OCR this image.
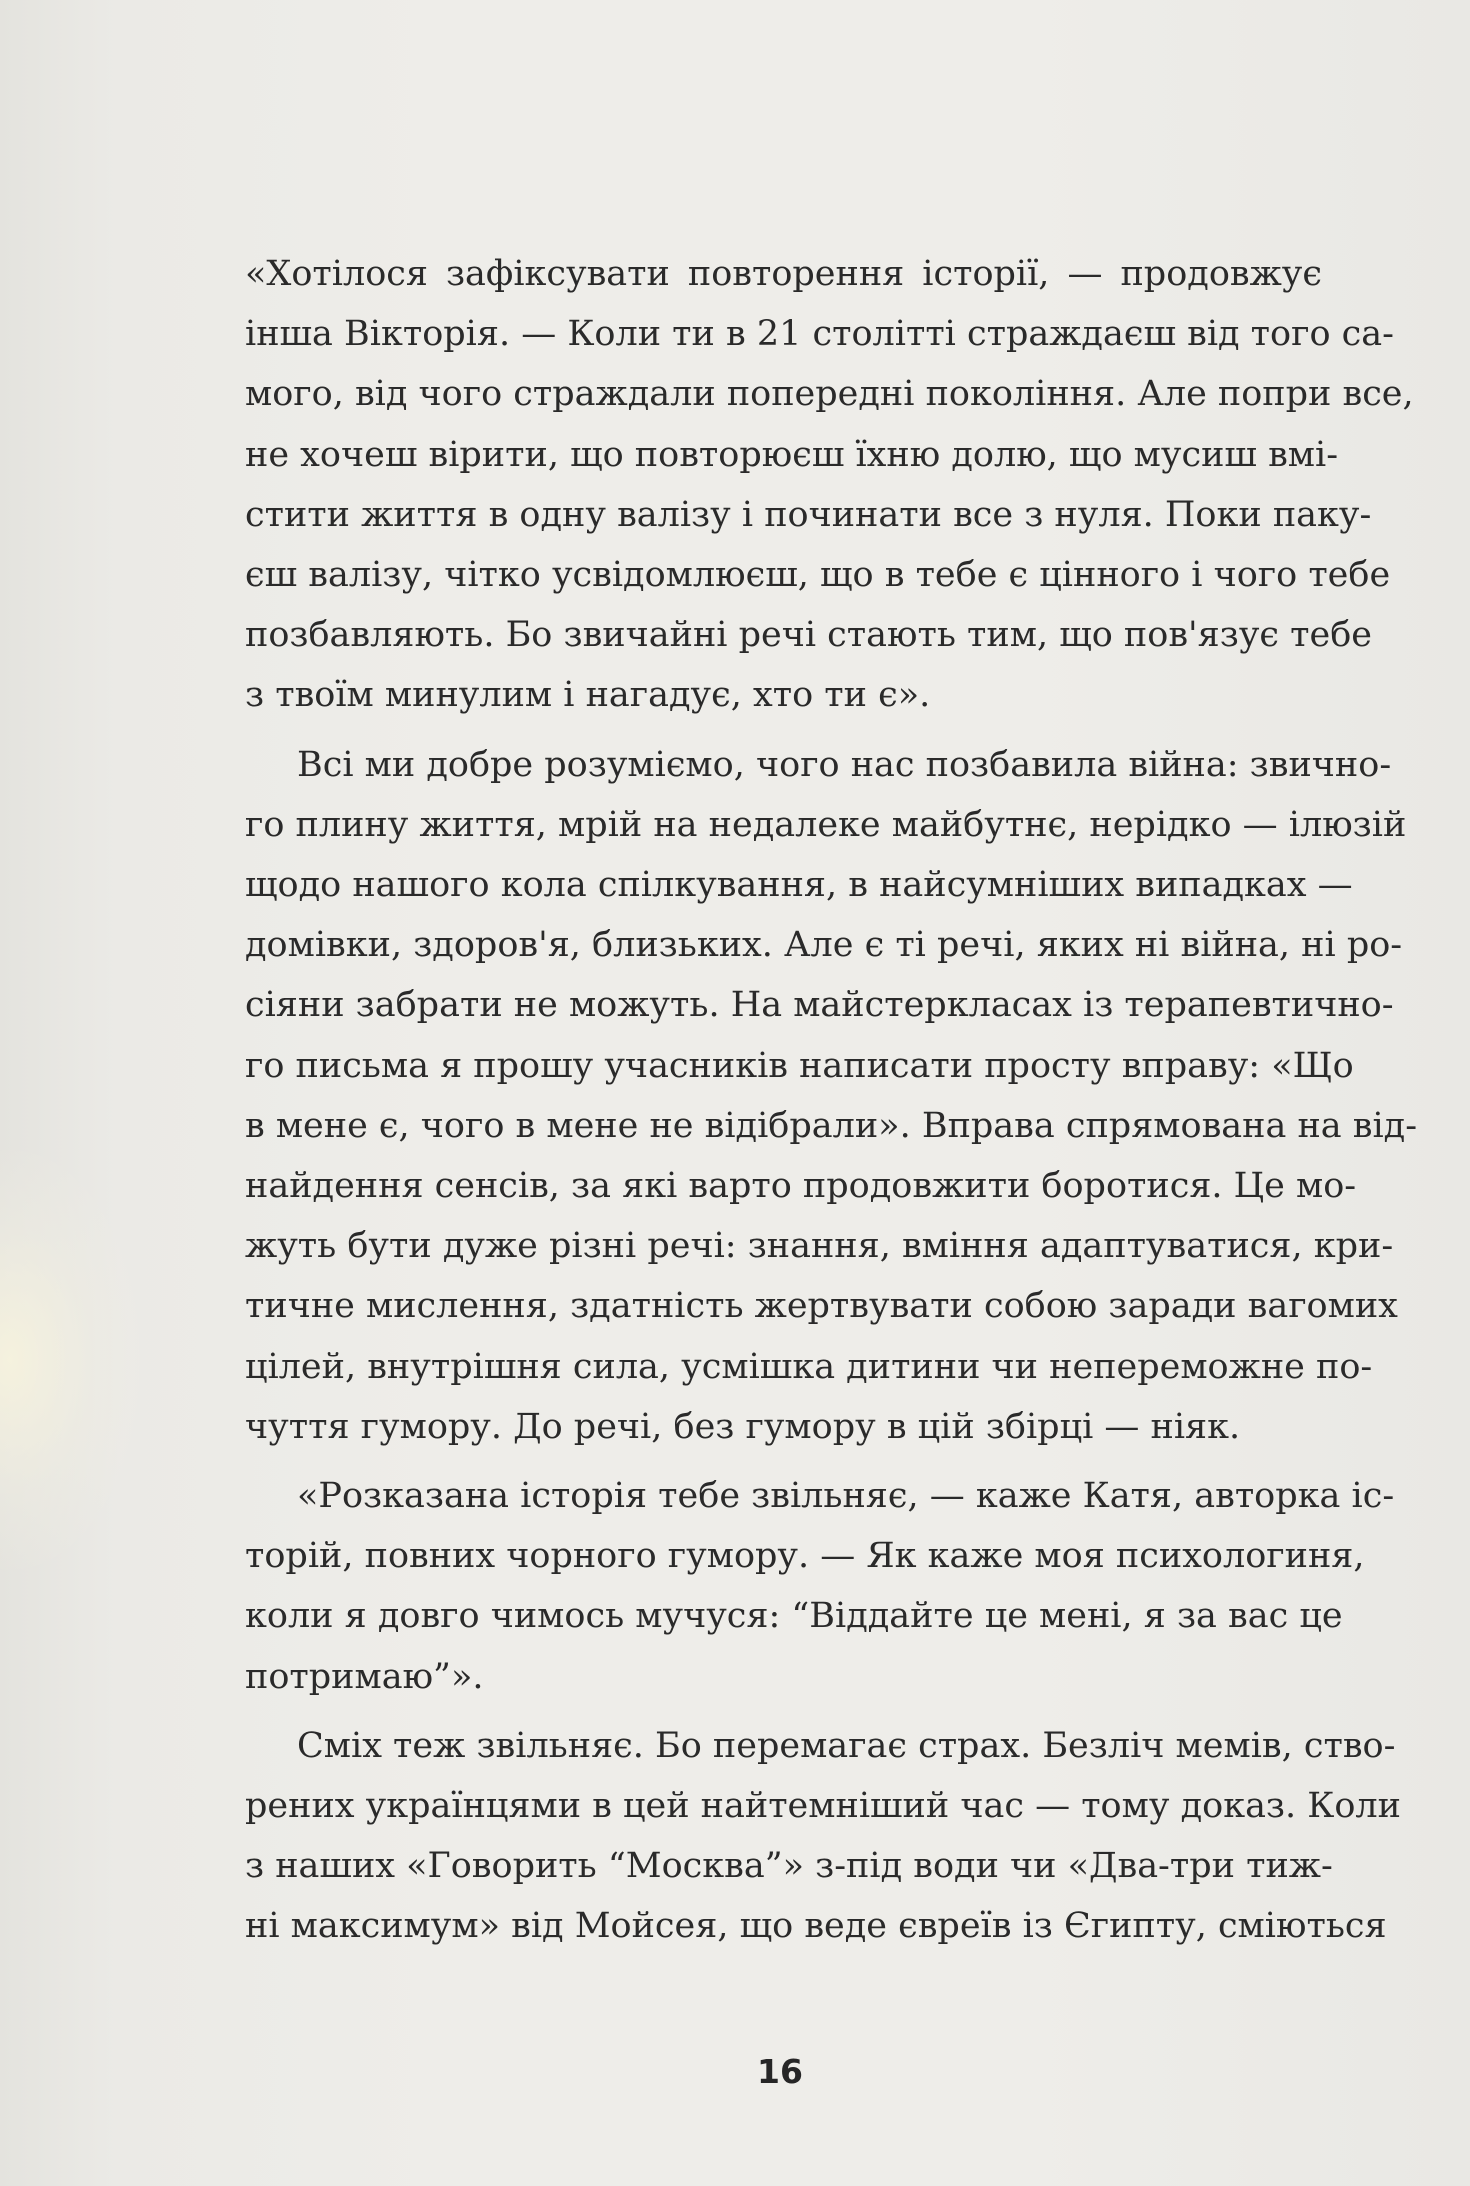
«Хотілося зафіксувати повторення історії, — продовжує
інша Вікторія. — Коли ти в 21 столітті страждаєш від того са-
мого, від чого страждали попередні покоління. Але попри все,
не хочеш вірити, що повторюєш їхню долю, що мусиш вмі-
стити життя в одну валізу і починати все з нуля. Поки паку-
єш валізу, чітко усвідомлюєш, що в тебе є цінного і чого тебе
позбавляють. Бо звичайні речі стають тим, що пов'язує тебе
з твоїм минулим і нагадує, хто ти є».
Всі ми добре розуміємо, чого нас позбавила війна: звично-
го плину життя, мрій на недалеке майбутнє, нерідко — ілюзій
щодо нашого кола спілкування, в найсумніших випадках —
домівки, здоров'я, близьких. Але є ті речі, яких ні війна, ні ро-
сіяни забрати не можуть. На майстеркласах із терапевтично-
го письма я прошу учасників написати просту вправу: «Що
в мене є, чого в мене не відібрали». Вправа спрямована на від-
найдення сенсів, за які варто продовжити боротися. Це мо-
жуть бути дуже різні речі: знання, вміння адаптуватися, кри-
тичне мислення, здатність жертвувати собою заради вагомих
цілей, внутрішня сила, усмішка дитини чи непереможне по-
чуття гумору. До речі, без гумору в цій збірці — ніяк.
«Розказана історія тебе звільняє, — каже Катя, авторка іс-
торій, повних чорного гумору. — Як каже моя психологиня,
коли я довго чимось мучуся: “Віддайте це мені, я за вас це
потримаю”».
Сміх теж звільняє. Бо перемагає страх. Безліч мемів, ство-
рених українцями в цей найтемніший час — тому доказ. Коли
з наших «Говорить “Москва”» з-під води чи «Два-три тиж-
ні максимум» від Мойсея, що веде євреїв із Єгипту, сміються
16
